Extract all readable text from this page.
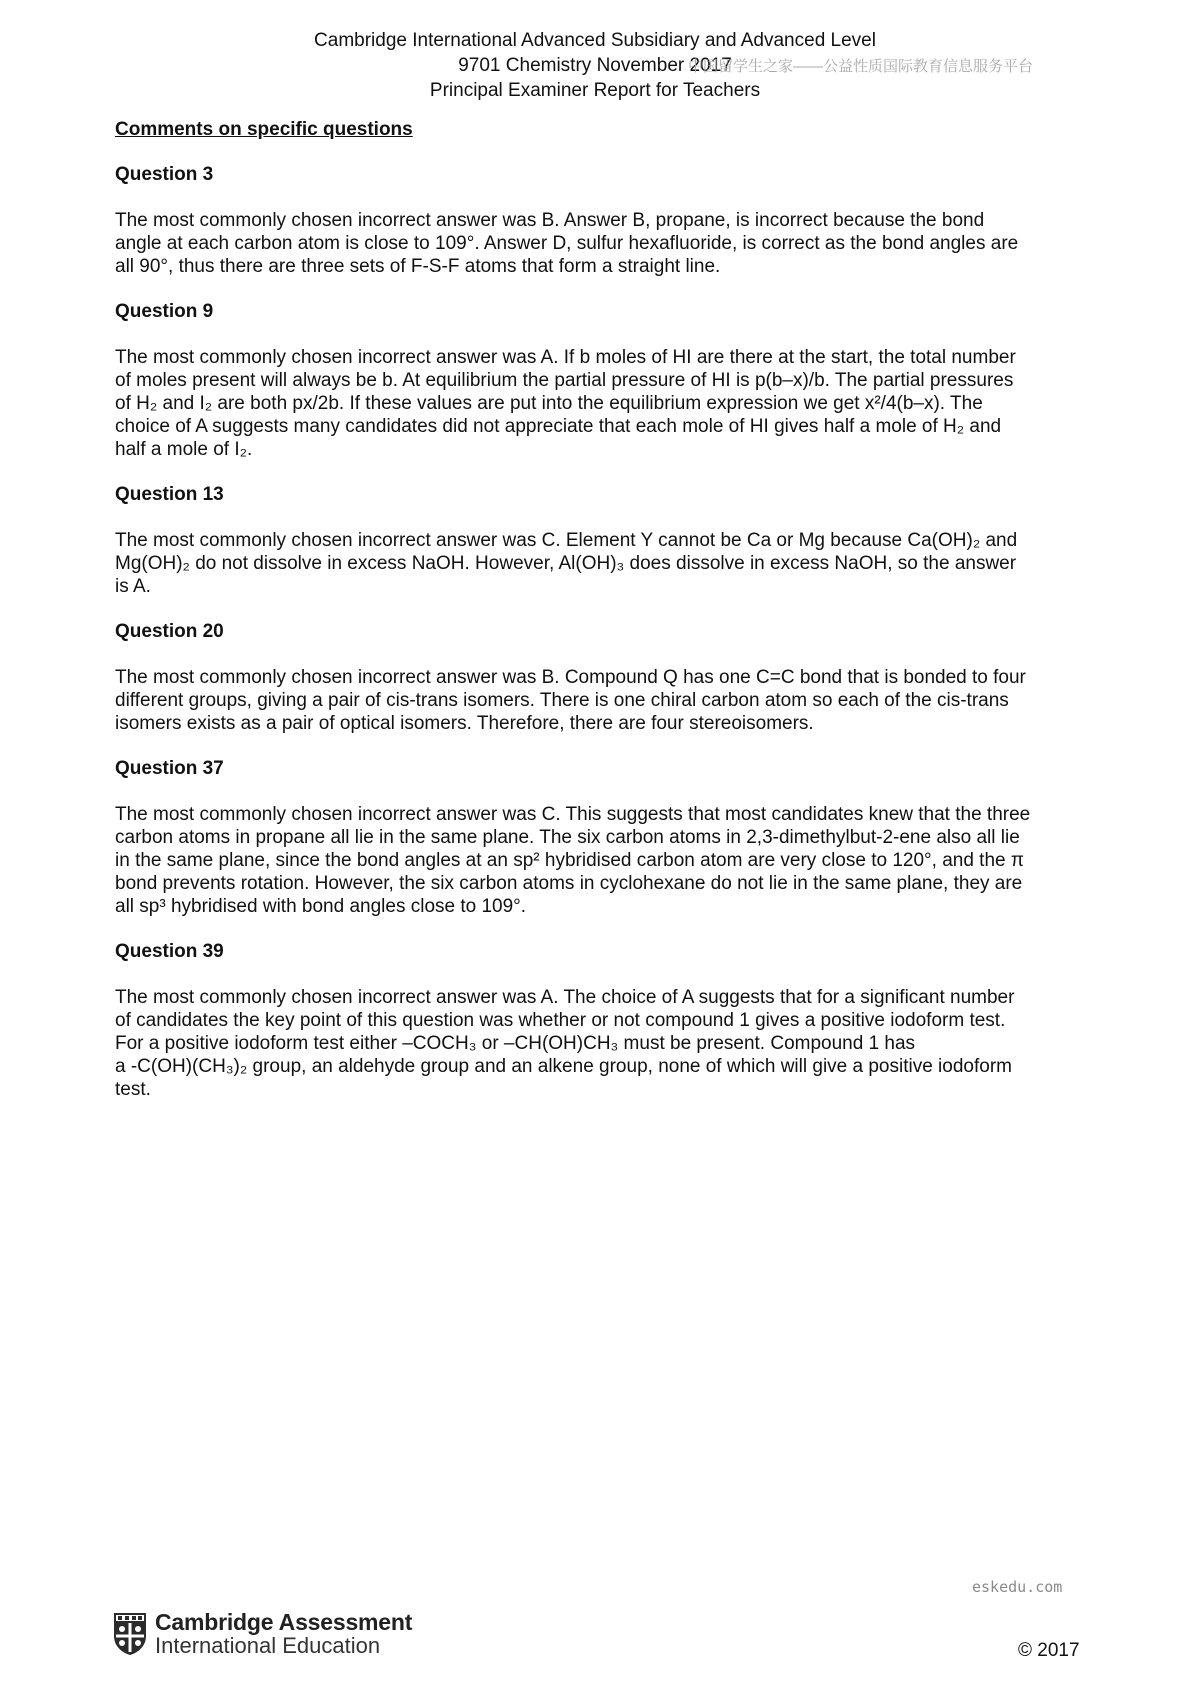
Cambridge International Advanced Subsidiary and Advanced Level
9701 Chemistry November 2017
Principal Examiner Report for Teachers
中国留学生之家——公益性质国际教育信息服务平台
Comments on specific questions
Question 3

The most commonly chosen incorrect answer was B. Answer B, propane, is incorrect because the bond

angle at each carbon atom is close to 109°. Answer D, sulfur hexafluoride, is correct as the bond angles are

all 90°, thus there are three sets of F-S-F atoms that form a straight line.

Question 9

The most commonly chosen incorrect answer was A. If b moles of HI are there at the start, the total number

of moles present will always be b. At equilibrium the partial pressure of HI is p(b–x)/b. The partial pressures

of H₂ and I₂ are both px/2b. If these values are put into the equilibrium expression we get x²/4(b–x). The

choice of A suggests many candidates did not appreciate that each mole of HI gives half a mole of H₂ and

half a mole of I₂.

Question 13

The most commonly chosen incorrect answer was C. Element Y cannot be Ca or Mg because Ca(OH)₂ and

Mg(OH)₂ do not dissolve in excess NaOH. However, Al(OH)₃ does dissolve in excess NaOH, so the answer

is A.

Question 20

The most commonly chosen incorrect answer was B. Compound Q has one C=C bond that is bonded to four

different groups, giving a pair of cis-trans isomers. There is one chiral carbon atom so each of the cis-trans

isomers exists as a pair of optical isomers. Therefore, there are four stereoisomers.

Question 37

The most commonly chosen incorrect answer was C. This suggests that most candidates knew that the three

carbon atoms in propane all lie in the same plane. The six carbon atoms in 2,3-dimethylbut-2-ene also all lie

in the same plane, since the bond angles at an sp² hybridised carbon atom are very close to 120°, and the π

bond prevents rotation. However, the six carbon atoms in cyclohexane do not lie in the same plane, they are

all sp³ hybridised with bond angles close to 109°.

Question 39

The most commonly chosen incorrect answer was A. The choice of A suggests that for a significant number

of candidates the key point of this question was whether or not compound 1 gives a positive iodoform test.

For a positive iodoform test either –COCH₃ or –CH(OH)CH₃ must be present. Compound 1 has

a -C(OH)(CH₃)₂ group, an aldehyde group and an alkene group, none of which will give a positive iodoform

test.

eskedu.com
Cambridge Assessment
International Education	© 2017
